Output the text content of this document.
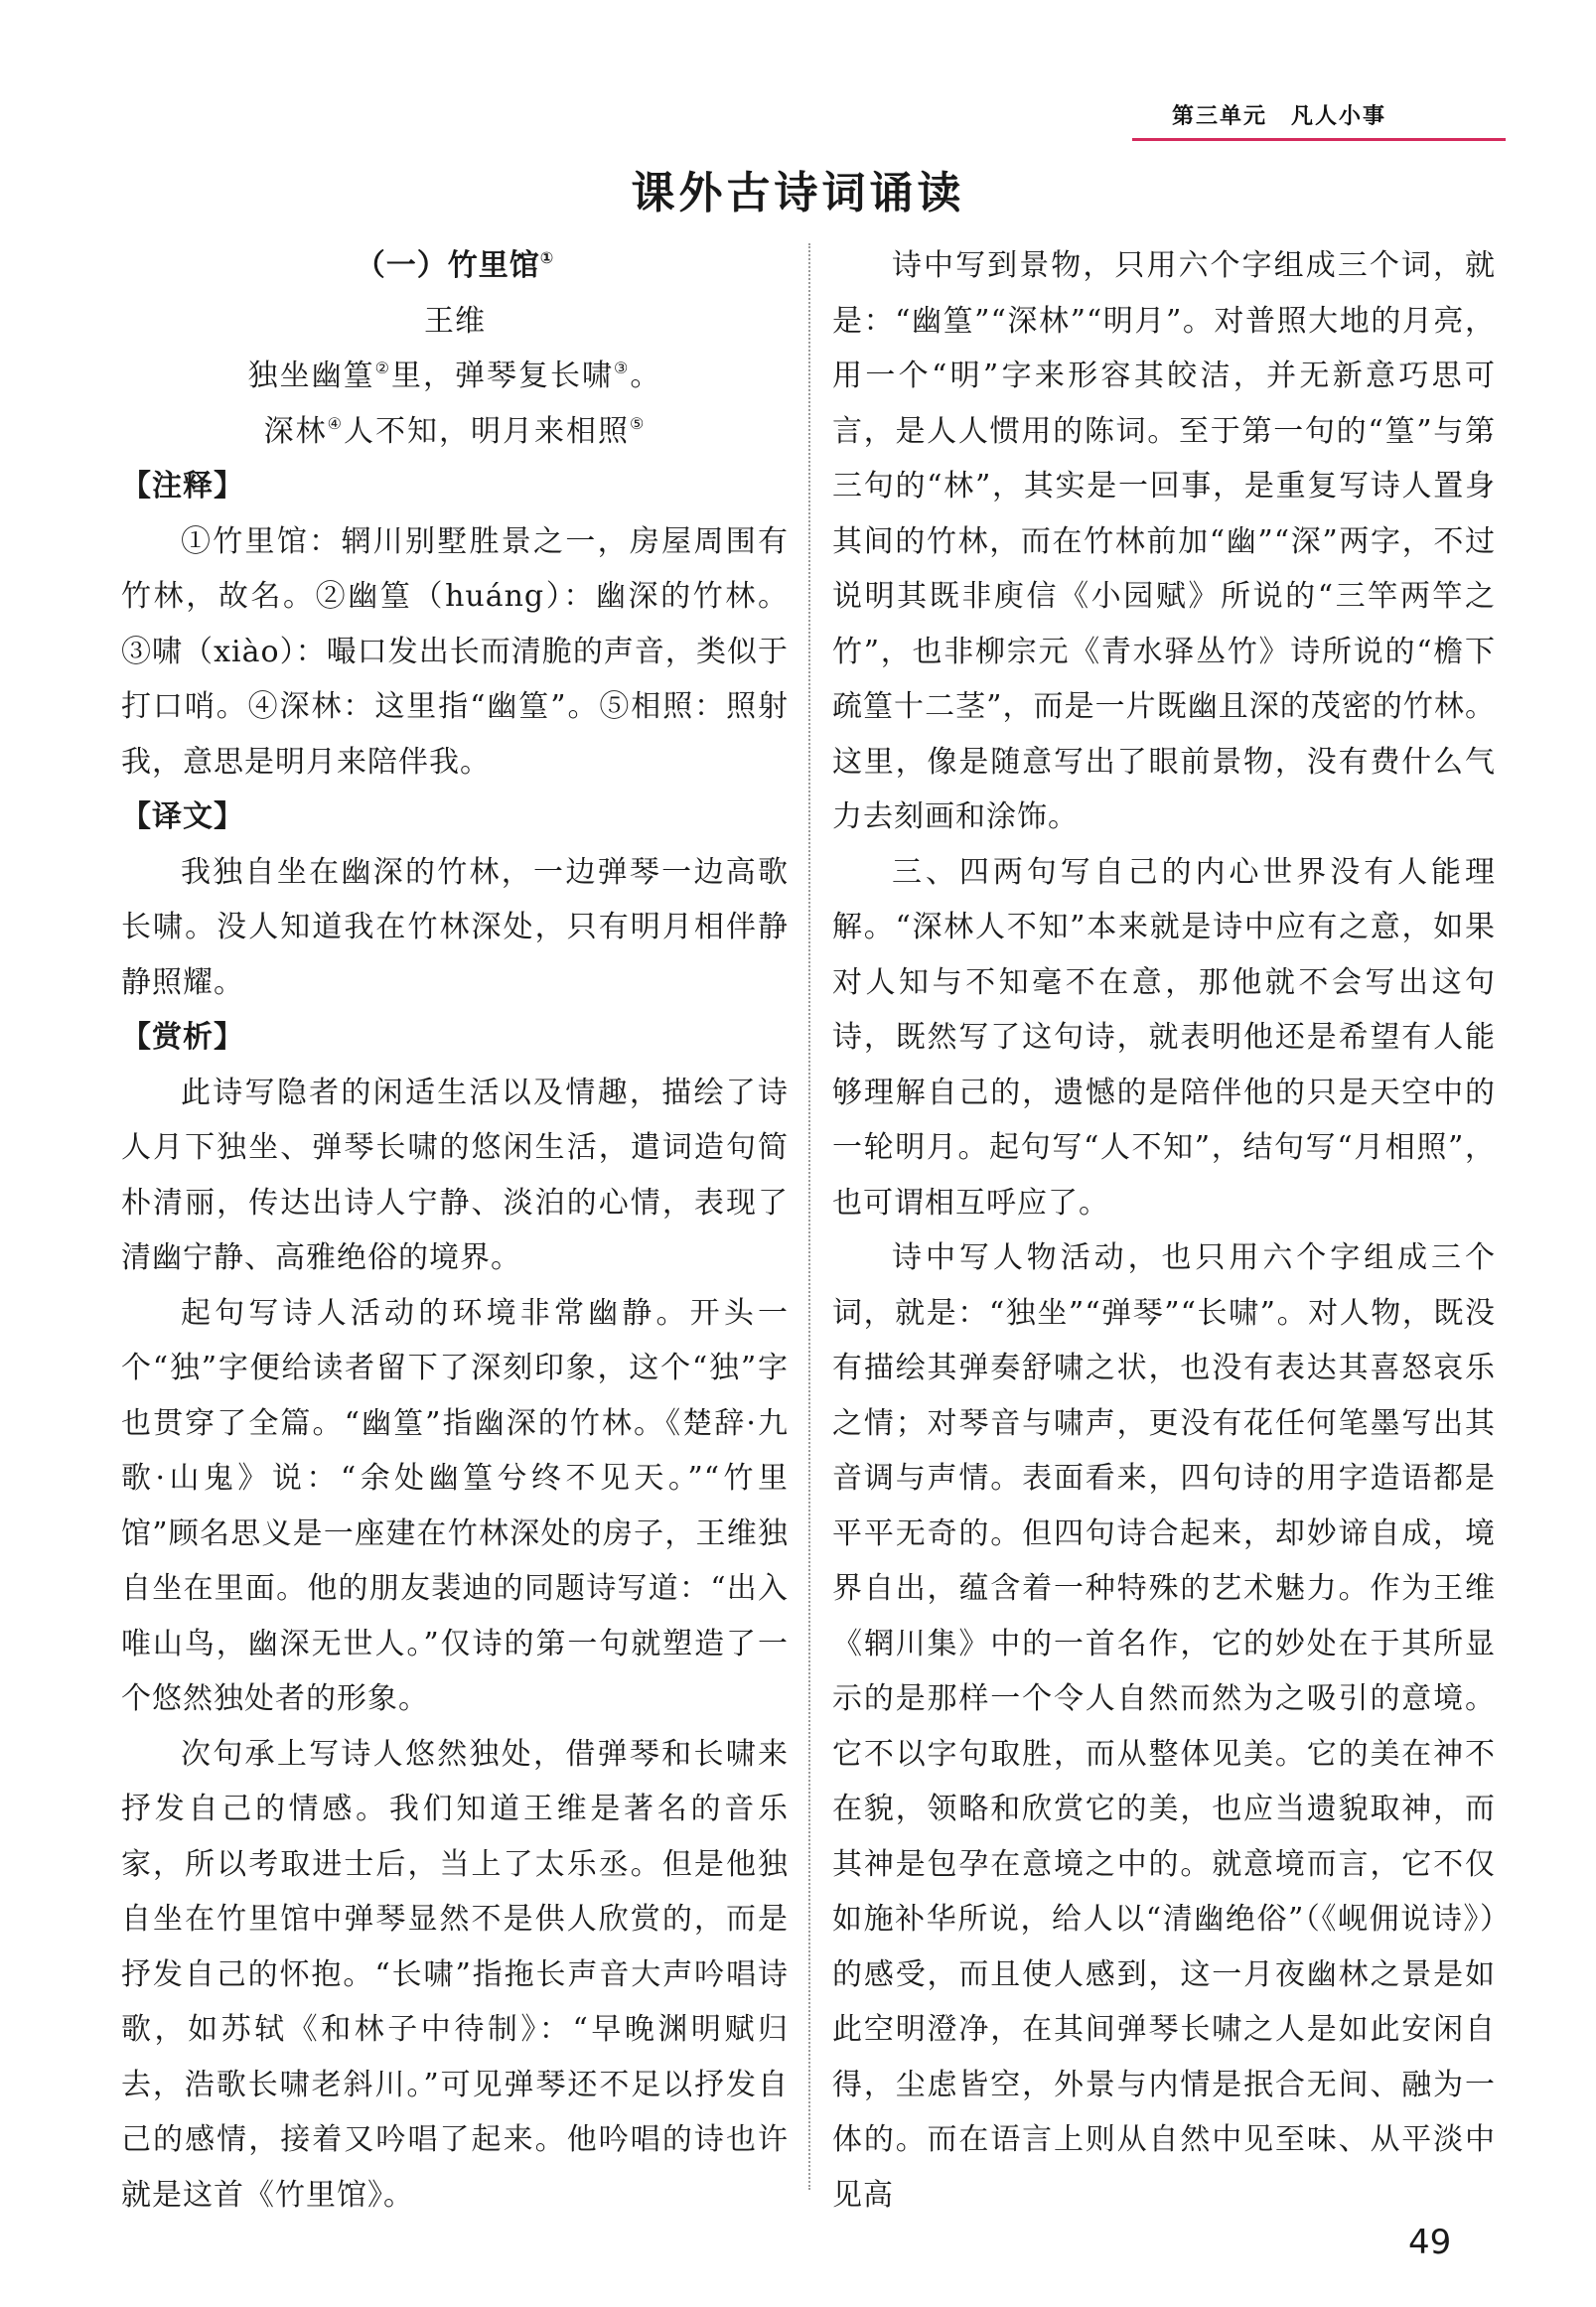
第三单元　凡人小事
课外古诗词诵读

（一）竹里馆①

王维

独坐幽篁②里，弹琴复长啸③。

深林④人不知，明月来相照⑤

【注释】

①竹里馆：辋川别墅胜景之一，房屋周围有竹林，故名。②幽篁（huáng）：幽深的竹林。③啸（xiào）：嘬口发出长而清脆的声音，类似于打口哨。④深林：这里指“幽篁”。⑤相照：照射我，意思是明月来陪伴我。

【译文】

我独自坐在幽深的竹林，一边弹琴一边高歌长啸。没人知道我在竹林深处，只有明月相伴静静照耀。

【赏析】

此诗写隐者的闲适生活以及情趣，描绘了诗人月下独坐、弹琴长啸的悠闲生活，遣词造句简朴清丽，传达出诗人宁静、淡泊的心情，表现了清幽宁静、高雅绝俗的境界。

起句写诗人活动的环境非常幽静。开头一个“独”字便给读者留下了深刻印象，这个“独”字也贯穿了全篇。“幽篁”指幽深的竹林。《楚辞·九歌·山鬼》说：“余处幽篁兮终不见天。”“竹里馆”顾名思义是一座建在竹林深处的房子，王维独自坐在里面。他的朋友裴迪的同题诗写道：“出入唯山鸟，幽深无世人。”仅诗的第一句就塑造了一个悠然独处者的形象。

次句承上写诗人悠然独处，借弹琴和长啸来抒发自己的情感。我们知道王维是著名的音乐家，所以考取进士后，当上了太乐丞。但是他独自坐在竹里馆中弹琴显然不是供人欣赏的，而是抒发自己的怀抱。“长啸”指拖长声音大声吟唱诗歌，如苏轼《和林子中待制》：“早晚渊明赋归去，浩歌长啸老斜川。”可见弹琴还不足以抒发自己的感情，接着又吟唱了起来。他吟唱的诗也许就是这首《竹里馆》。

诗中写到景物，只用六个字组成三个词，就是：“幽篁”“深林”“明月”。对普照大地的月亮，用一个“明”字来形容其皎洁，并无新意巧思可言，是人人惯用的陈词。至于第一句的“篁”与第三句的“林”，其实是一回事，是重复写诗人置身其间的竹林，而在竹林前加“幽”“深”两字，不过说明其既非庾信《小园赋》所说的“三竿两竿之竹”，也非柳宗元《青水驿丛竹》诗所说的“檐下疏篁十二茎”，而是一片既幽且深的茂密的竹林。这里，像是随意写出了眼前景物，没有费什么气力去刻画和涂饰。

三、四两句写自己的内心世界没有人能理解。“深林人不知”本来就是诗中应有之意，如果对人知与不知毫不在意，那他就不会写出这句诗，既然写了这句诗，就表明他还是希望有人能够理解自己的，遗憾的是陪伴他的只是天空中的一轮明月。起句写“人不知”，结句写“月相照”，也可谓相互呼应了。

诗中写人物活动，也只用六个字组成三个词，就是：“独坐”“弹琴”“长啸”。对人物，既没有描绘其弹奏舒啸之状，也没有表达其喜怒哀乐之情；对琴音与啸声，更没有花任何笔墨写出其音调与声情。表面看来，四句诗的用字造语都是平平无奇的。但四句诗合起来，却妙谛自成，境界自出，蕴含着一种特殊的艺术魅力。作为王维《辋川集》中的一首名作，它的妙处在于其所显示的是那样一个令人自然而然为之吸引的意境。它不以字句取胜，而从整体见美。它的美在神不在貌，领略和欣赏它的美，也应当遗貌取神，而其神是包孕在意境之中的。就意境而言，它不仅如施补华所说，给人以“清幽绝俗”（《岘佣说诗》）的感受，而且使人感到，这一月夜幽林之景是如此空明澄净，在其间弹琴长啸之人是如此安闲自得，尘虑皆空，外景与内情是抿合无间、融为一体的。而在语言上则从自然中见至味、从平淡中见高

49
